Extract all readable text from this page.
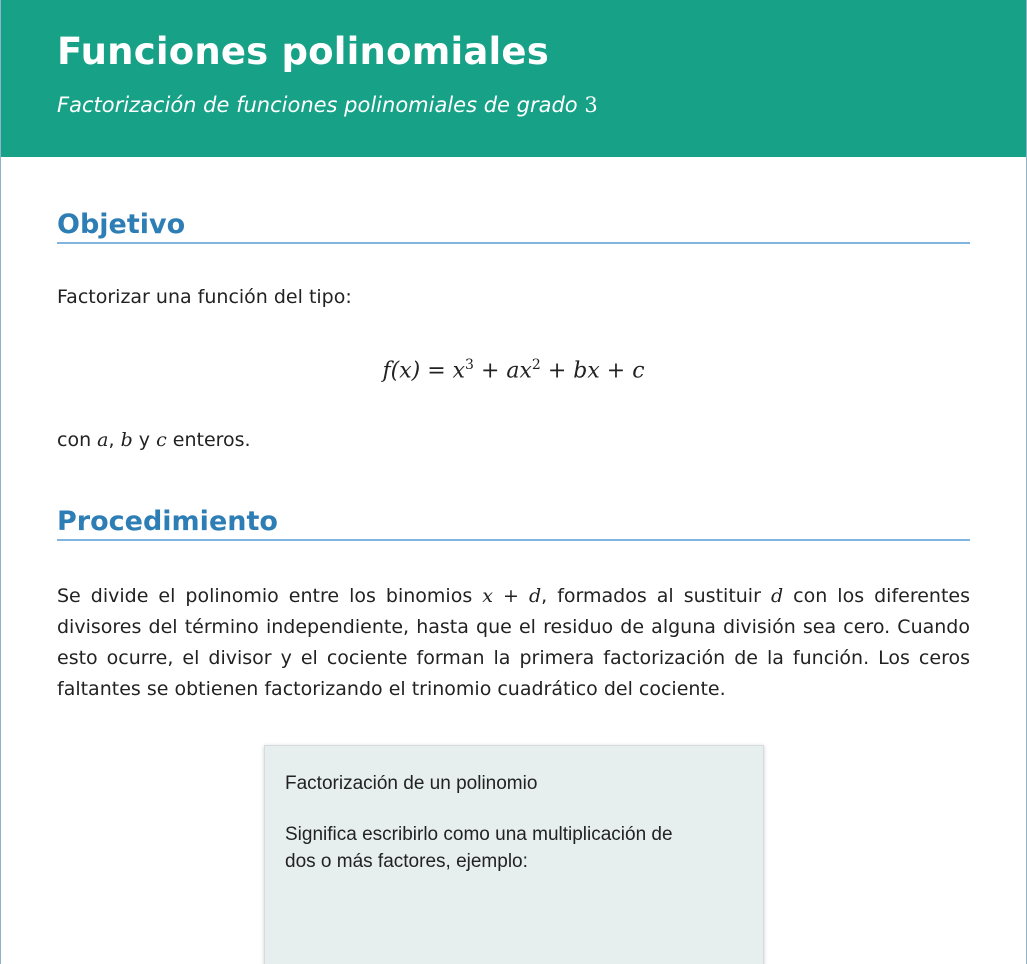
Funciones polinomiales
Factorización de funciones polinomiales de grado 3
Objetivo

Factorizar una función del tipo:

$f(x) = x^3 + ax^2$ + bx + c

con a, b y c enteros.

Procedimiento

Se divide el polinomio entre los binomios x + d, formados al sustituir d con los diferentes divisores del término independiente, hasta que el residuo de alguna división sea cero. Cuando esto ocurre, el divisor y el cociente forman la primera factorización de la función. Los ceros faltantes se obtienen factorizando el trinomio cuadrático del cociente.

Factorización de un polinomio

Significa escribirlo como una multiplicación de dos o más factores, ejemplo:
